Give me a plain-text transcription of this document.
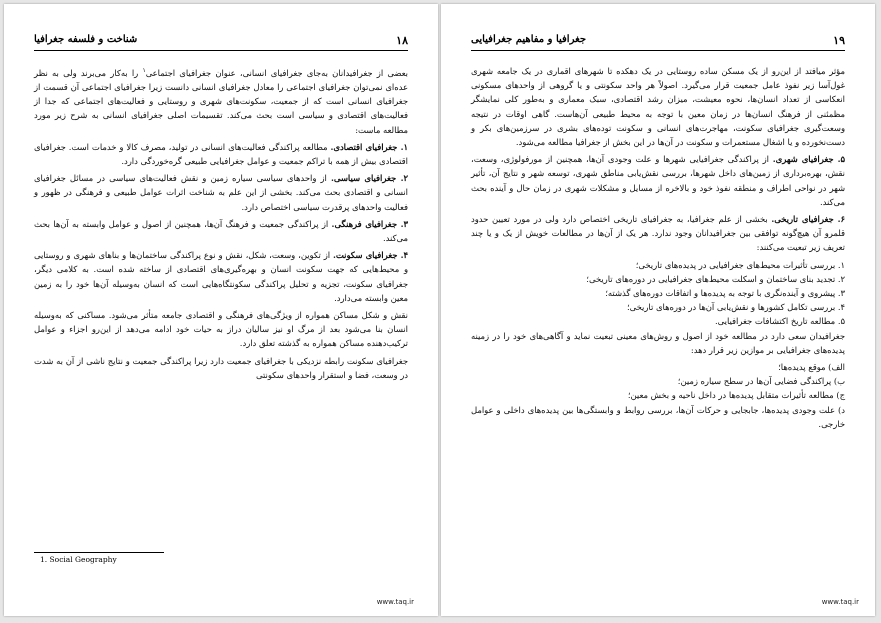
۱۹
جغرافیا و مفاهیم جغرافیایی

مؤثر میافتد از این‌رو از یک مسکن ساده روستایی در یک دهکده تا شهرهای اقماری در یک جامعه شهری غول‌آسا زیر نفوذ عامل جمعیت قرار می‌گیرد. اصولاً هر واحد سکونتی و یا گروهی از واحدهای مسکونی انعکاسی از تعداد انسان‌ها، نحوه معیشت، میزان رشد اقتصادی، سبک معماری و به‌طور کلی نمایشگر مظمئنی از فرهنگ انسان‌ها در زمان معین با توجه به محیط طبیعی آن‌هاست. گاهی اوقات در نتیجه وسعت‌گیری جغرافیای سکونت، مهاجرت‌های انسانی و سکونت توده‌های بشری در سرزمین‌های بکر و دست‌نخورده و یا اشغال مستعمرات و سکونت در آن‌ها در این بخش از جغرافیا مطالعه می‌شود.

۵. جغرافیای شهری. از پراکندگی جغرافیایی شهرها و علت وجودی آن‌ها، همچنین از مورفولوژی، وسعت، نقش، بهره‌برداری از زمین‌های داخل شهرها، بررسی نقش‌یابی مناطق شهری، توسعه شهر و نتایج آن، تأثیر شهر در نواحی اطراف و منطقه نفوذ خود و بالاخره از مسایل و مشکلات شهری در زمان حال و آینده بحث می‌کند.

۶. جغرافیای تاریخی. بخشی از علم جغرافیا، به جغرافیای تاریخی اختصاص دارد ولی در مورد تعیین حدود قلمرو آن هیچ‌گونه توافقی بین جغرافیدانان وجود ندارد. هر یک از آن‌ها در مطالعات خویش از یک و یا چند تعریف زیر تبعیت می‌کنند:

۱. بررسی تأثیرات محیط‌های جغرافیایی در پدیده‌های تاریخی؛
۲. تجدید بنای ساختمان و اسکلت محیط‌های جغرافیایی در دوره‌های تاریخی؛
۳. پیشروی و آینده‌نگری با توجه به پدیده‌ها و اتفاقات دوره‌های گذشته؛
۴. بررسی تکامل کشورها و نقش‌یابی آن‌ها در دوره‌های تاریخی؛
۵. مطالعه تاریخ اکتشافات جغرافیایی.

جغرافیدان سعی دارد در مطالعه خود از اصول و روش‌های معینی تبعیت نماید و آگاهی‌های خود را در زمینه پدیده‌های جغرافیایی بر موازین زیر قرار دهد:

الف) موقع پدیده‌ها؛
ب) پراکندگی فضایی آن‌ها در سطح سیاره زمین؛
ج) مطالعه تأثیرات متقابل پدیده‌ها در داخل ناحیه و بخش معین؛
د) علت وجودی پدیده‌ها، جابجایی و حرکات آن‌ها، بررسی روابط و وابستگی‌ها بین پدیده‌های داخلی و عوامل خارجی.
www.taq.ir
۱۸
شناخت و فلسفه جغرافیا

بعضی از جغرافیدانان به‌جای جغرافیای انسانی، عنوان جغرافیای اجتماعی$^۱$ را به‌کار می‌برند ولی به نظر عده‌ای نمی‌توان جغرافیای اجتماعی را معادل جغرافیای انسانی دانست زیرا جغرافیای اجتماعی آن قسمت از جغرافیای انسانی است که از جمعیت، سکونت‌های شهری و روستایی و فعالیت‌های اجتماعی که جدا از فعالیت‌های اقتصادی و سیاسی است بحث می‌کند. تقسیمات اصلی جغرافیای انسانی به شرح زیر مورد مطالعه ماست:

۱. جغرافیای اقتصادی. مطالعه پراکندگی فعالیت‌های انسانی در تولید، مصرف کالا و خدمات است. جغرافیای اقتصادی بیش از همه با تراکم جمعیت و عوامل جغرافیایی طبیعی گره‌خوردگی دارد.

۲. جغرافیای سیاسی. از واحدهای سیاسی سیاره زمین و نقش فعالیت‌های سیاسی در مسائل جغرافیای انسانی و اقتصادی بحث می‌کند. بخشی از این علم به شناخت اثرات عوامل طبیعی و فرهنگی در ظهور و فعالیت واحدهای پرقدرت سیاسی اختصاص دارد.

۳. جغرافیای فرهنگی. از پراکندگی جمعیت و فرهنگ آن‌ها، همچنین از اصول و عوامل وابسته به آن‌ها بحث می‌کند.

۴. جغرافیای سکونت. از تکوین، وسعت، شکل، نقش و نوع پراکندگی ساختمان‌ها و بناهای شهری و روستایی و محیط‌هایی که جهت سکونت انسان و بهره‌گیری‌های اقتصادی از ساخته شده است. به کلامی دیگر، جغرافیای سکونت، تجزیه و تحلیل پراکندگی سکونتگاه‌هایی است که انسان به‌وسیله آن‌ها خود را به زمین معین وابسته می‌دارد.

نقش و شکل مساکن همواره از ویژگی‌های فرهنگی و اقتصادی جامعه متأثر می‌شود. مساکنی که به‌وسیله انسان بنا می‌شود بعد از مرگ او نیز سالیان دراز به حیات خود ادامه می‌دهد از این‌رو اجزاء و عوامل ترکیب‌دهنده مساکن همواره به گذشته تعلق دارد.

جغرافیای سکونت رابطه نزدیکی با جغرافیای جمعیت دارد زیرا پراکندگی جمعیت و نتایج ناشی از آن به شدت در وسعت، فضا و استقرار واحدهای سکونتی

1. Social Geography
www.taq.ir
